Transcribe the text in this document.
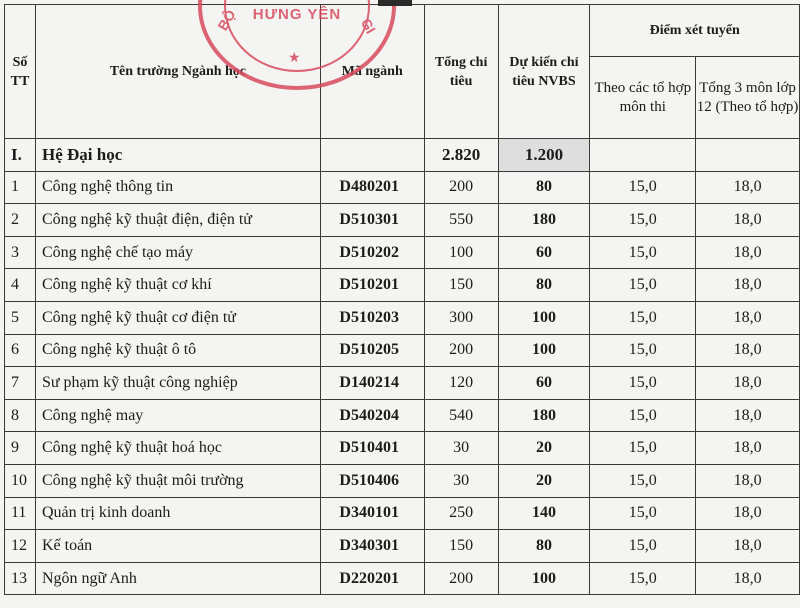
Số TT	Tên trường Ngành học	Mã ngành	Tổng chỉ tiêu	Dự kiến chỉ tiêu NVBS	Điểm xét tuyển	
					Theo các tổ hợp môn thi	Tổng 3 môn lớp 12 (Theo tổ hợp)
I.	Hệ Đại học		2.820	1.200		
1	Công nghệ thông tin	D480201	200	80	15,0	18,0
2	Công nghệ kỹ thuật điện, điện tử	D510301	550	180	15,0	18,0
3	Công nghệ chế tạo máy	D510202	100	60	15,0	18,0
4	Công nghệ kỹ thuật cơ khí	D510201	150	80	15,0	18,0
5	Công nghệ kỹ thuật cơ điện tử	D510203	300	100	15,0	18,0
6	Công nghệ kỹ thuật ô tô	D510205	200	100	15,0	18,0
7	Sư phạm kỹ thuật công nghiệp	D140214	120	60	15,0	18,0
8	Công nghệ may	D540204	540	180	15,0	18,0
9	Công nghệ kỹ thuật hoá học	D510401	30	20	15,0	18,0
10	Công nghệ kỹ thuật môi trường	D510406	30	20	15,0	18,0
11	Quản trị kinh doanh	D340101	250	140	15,0	18,0
12	Kế toán	D340301	150	80	15,0	18,0
13	Ngôn ngữ Anh	D220201	200	100	15,0	18,0
BỘ	GI
HƯNG YÊN
★
